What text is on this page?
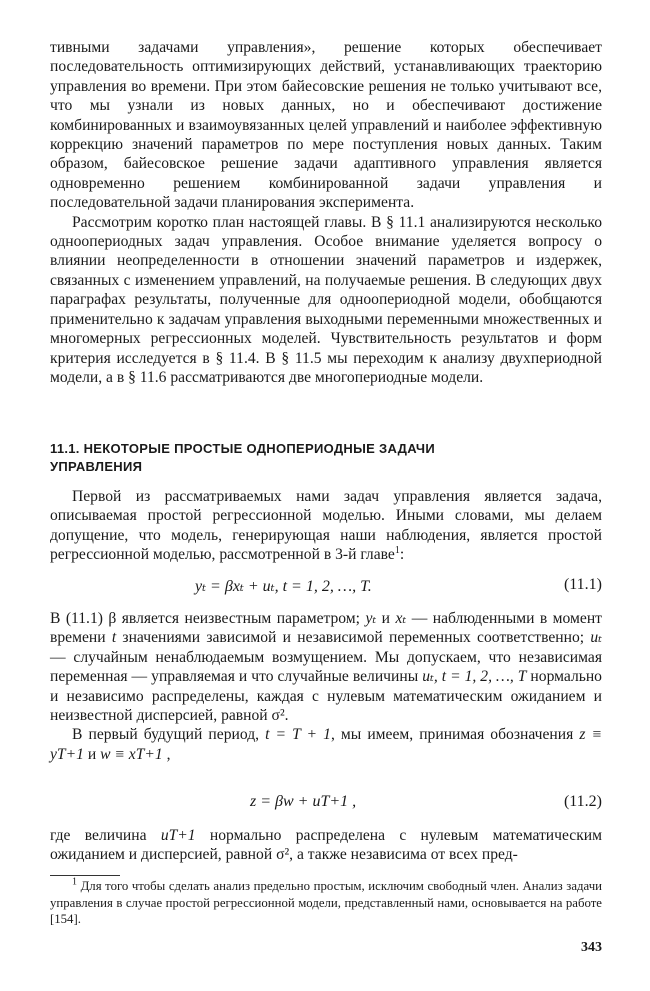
тивными задачами управления», решение которых обеспечивает последовательность оптимизирующих действий, устанавливающих траекторию управления во времени. При этом байесовские решения не только учитывают все, что мы узнали из новых данных, но и обеспечивают достижение комбинированных и взаимоувязанных целей управлений и наиболее эффективную коррекцию значений параметров по мере поступления новых данных. Таким образом, байесовское решение задачи адаптивного управления является одновременно решением комбинированной задачи управления и последовательной задачи планирования эксперимента.

Рассмотрим коротко план настоящей главы. В § 11.1 анализируются несколько одноопериодных задач управления. Особое внимание уделяется вопросу о влиянии неопределенности в отношении значений параметров и издержек, связанных с изменением управлений, на получаемые решения. В следующих двух параграфах результаты, полученные для одноопериодной модели, обобщаются применительно к задачам управления выходными переменными множественных и многомерных регрессионных моделей. Чувствительность результатов и форм критерия исследуется в § 11.4. В § 11.5 мы переходим к анализу двухпериодной модели, а в § 11.6 рассматриваются две многопериодные модели.

11.1. НЕКОТОРЫЕ ПРОСТЫЕ ОДНОПЕРИОДНЫЕ ЗАДАЧИ
УПРАВЛЕНИЯ

Первой из рассматриваемых нами задач управления является задача, описываемая простой регрессионной моделью. Иными словами, мы делаем допущение, что модель, генерирующая наши наблюдения, является простой регрессионной моделью, рассмотренной в 3-й главе$^1$:

yₜ = βxₜ + uₜ, t = 1, 2, …, T.	(11.1)

В (11.1) β является неизвестным параметром; yₜ и xₜ — наблюденными в момент времени t значениями зависимой и независимой переменных соответственно; uₜ — случайным ненаблюдаемым возмущением. Мы допускаем, что независимая переменная — управляемая и что случайные величины uₜ, t = 1, 2, …, T нормально и независимо распределены, каждая с нулевым математическим ожиданием и неизвестной дисперсией, равной σ².

В первый будущий период, t = T + 1, мы имеем, принимая обозначения z ≡ yT+1 и w ≡ xT+1 ,

z = βw + uT+1 ,	(11.2)

где величина uT+1 нормально распределена с нулевым математическим ожиданием и дисперсией, равной σ², а также независима от всех пред-

$^1$ Для того чтобы сделать анализ предельно простым, исключим свободный член. Анализ задачи управления в случае простой регрессионной модели, представленный нами, основывается на работе [154].

343
